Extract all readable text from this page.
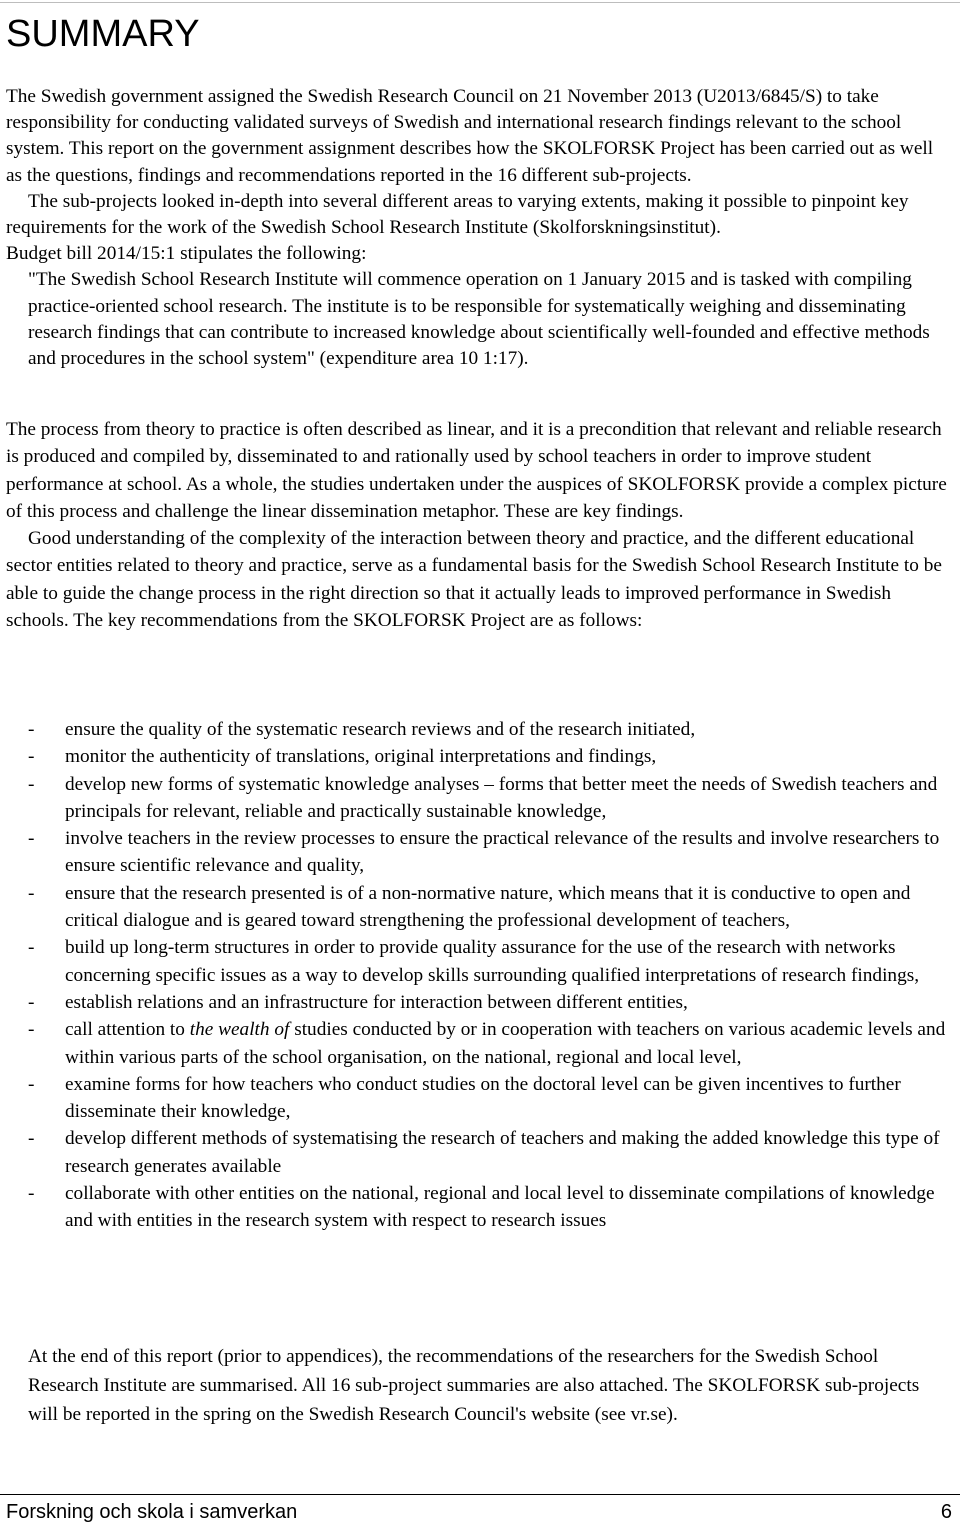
SUMMARY

The Swedish government assigned the Swedish Research Council on 21 November 2013 (U2013/6845/S) to take responsibility for conducting validated surveys of Swedish and international research findings relevant to the school system. This report on the government assignment describes how the SKOLFORSK Project has been carried out as well as the questions, findings and recommendations reported in the 16 different sub-projects.

The sub-projects looked in-depth into several different areas to varying extents, making it possible to pinpoint key requirements for the work of the Swedish School Research Institute (Skolforskningsinstitut).

Budget bill 2014/15:1 stipulates the following:

"The Swedish School Research Institute will commence operation on 1 January 2015 and is tasked with compiling practice-oriented school research. The institute is to be responsible for systematically weighing and disseminating research findings that can contribute to increased knowledge about scientifically well-founded and effective methods and procedures in the school system" (expenditure area 10 1:17).

The process from theory to practice is often described as linear, and it is a precondition that relevant and reliable research is produced and compiled by, disseminated to and rationally used by school teachers in order to improve student performance at school. As a whole, the studies undertaken under the auspices of SKOLFORSK provide a complex picture of this process and challenge the linear dissemination metaphor. These are key findings.

Good understanding of the complexity of the interaction between theory and practice, and the different educational sector entities related to theory and practice, serve as a fundamental basis for the Swedish School Research Institute to be able to guide the change process in the right direction so that it actually leads to improved performance in Swedish schools. The key recommendations from the SKOLFORSK Project are as follows:

-	ensure the quality of the systematic research reviews and of the research initiated,
-	monitor the authenticity of translations, original interpretations and findings,
-	develop new forms of systematic knowledge analyses – forms that better meet the needs of Swedish teachers and principals for relevant, reliable and practically sustainable knowledge,
-	involve teachers in the review processes to ensure the practical relevance of the results and involve researchers to ensure scientific relevance and quality,
-	ensure that the research presented is of a non-normative nature, which means that it is conductive to open and critical dialogue and is geared toward strengthening the professional development of teachers,
-	build up long-term structures in order to provide quality assurance for the use of the research with networks concerning specific issues as a way to develop skills surrounding qualified interpretations of research findings,
-	establish relations and an infrastructure for interaction between different entities,
-	call attention to the wealth of studies conducted by or in cooperation with teachers on various academic levels and within various parts of the school organisation, on the national, regional and local level,
-	examine forms for how teachers who conduct studies on the doctoral level can be given incentives to further disseminate their knowledge,
-	develop different methods of systematising the research of teachers and making the added knowledge this type of research generates available
-	collaborate with other entities on the national, regional and local level to disseminate compilations of knowledge and with entities in the research system with respect to research issues

At the end of this report (prior to appendices), the recommendations of the researchers for the Swedish School Research Institute are summarised. All 16 sub-project summaries are also attached. The SKOLFORSK sub-projects will be reported in the spring on the Swedish Research Council's website (see vr.se).

Forskning och skola i samverkan	6
